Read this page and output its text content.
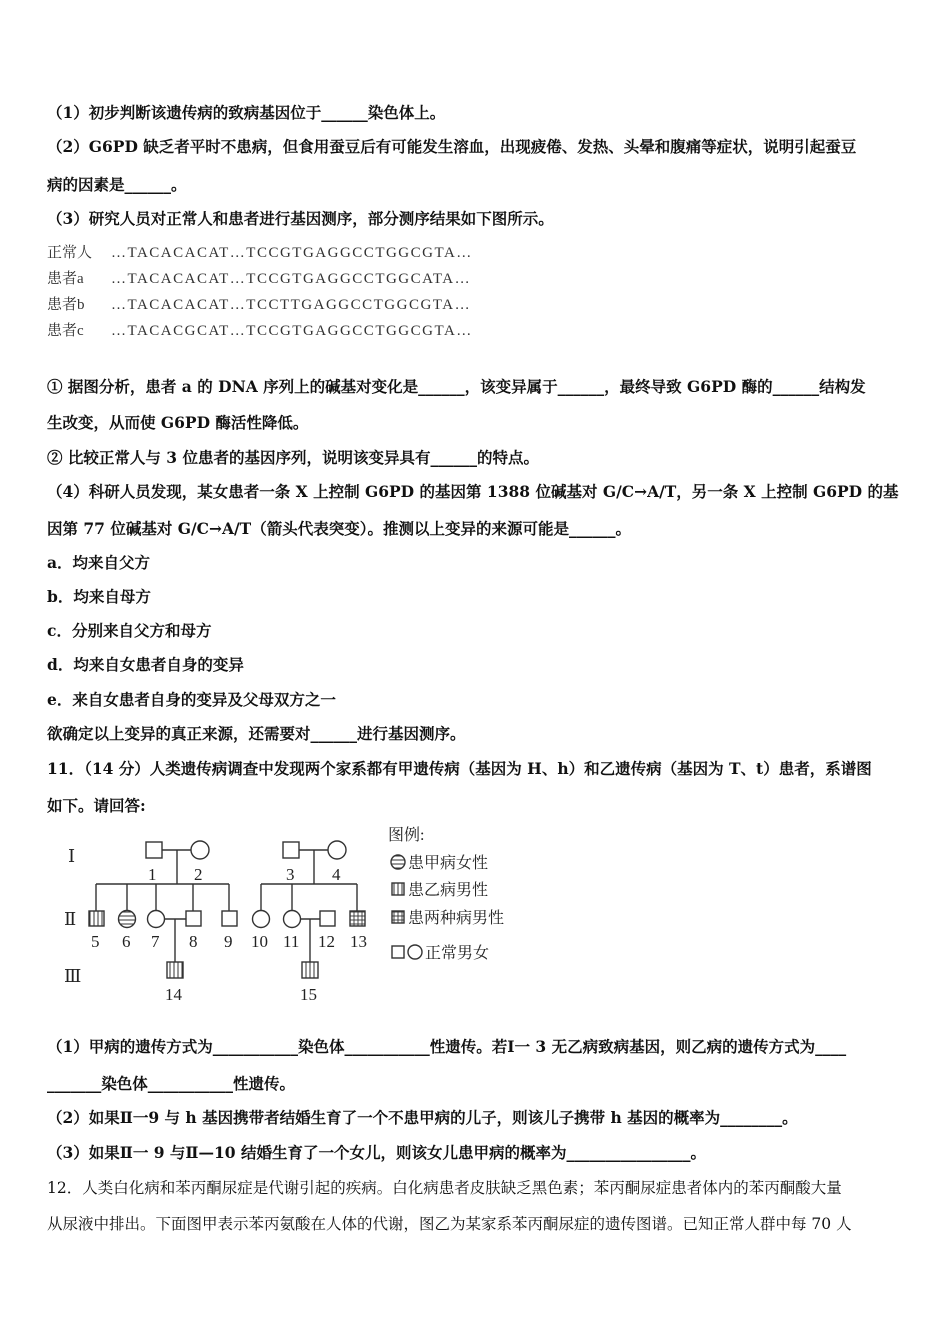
（1）初步判断该遗传病的致病基因位于______染色体上。
（2）G6PD 缺乏者平时不患病，但食用蚕豆后有可能发生溶血，出现疲倦、发热、头晕和腹痛等症状，说明引起蚕豆
病的因素是______。
（3）研究人员对正常人和患者进行基因测序，部分测序结果如下图所示。
正常人 …TACACACAT…TCCGTGAGGCCTGGCGTA…
患者a …TACACACAT…TCCGTGAGGCCTGGCATA…
患者b …TACACACAT…TCCTTGAGGCCTGGCGTA…
患者c …TACACGCAT…TCCGTGAGGCCTGGCGTA…
① 据图分析，患者 a 的 DNA 序列上的碱基对变化是______，该变异属于______，最终导致 G6PD 酶的______结构发
生改变，从而使 G6PD 酶活性降低。
② 比较正常人与 3 位患者的基因序列，说明该变异具有______的特点。
（4）科研人员发现，某女患者一条 X 上控制 G6PD 的基因第 1388 位碱基对 G/C→A/T，另一条 X 上控制 G6PD 的基
因第 77 位碱基对 G/C→A/T（箭头代表突变）。推测以上变异的来源可能是______。
a．均来自父方
b．均来自母方
c．分别来自父方和母方
d．均来自女患者自身的变异
e．来自女患者自身的变异及父母双方之一
欲确定以上变异的真正来源，还需要对______进行基因测序。
11．（14 分）人类遗传病调查中发现两个家系都有甲遗传病（基因为 H、h）和乙遗传病（基因为 T、t）患者，系谱图
如下。请回答:
Ⅰ
Ⅱ
Ⅲ
1 2	3 4
5 6 7 8 9 10 11 12 13
14	15
图例:
患甲病女性
患乙病男性
患两种病男性
正常男女
（1）甲病的遗传方式为___________染色体___________性遗传。若Ⅰ一 3 无乙病致病基因，则乙病的遗传方式为____
_______染色体___________性遗传。
（2）如果Ⅱ一9 与 h 基因携带者结婚生育了一个不患甲病的儿子，则该儿子携带 h 基因的概率为________。
（3）如果Ⅱ一 9 与Ⅱ—10 结婚生育了一个女儿，则该女儿患甲病的概率为________________。
12．人类白化病和苯丙酮尿症是代谢引起的疾病。白化病患者皮肤缺乏黑色素；苯丙酮尿症患者体内的苯丙酮酸大量
从尿液中排出。下面图甲表示苯丙氨酸在人体的代谢，图乙为某家系苯丙酮尿症的遗传图谱。已知正常人群中每 70 人
